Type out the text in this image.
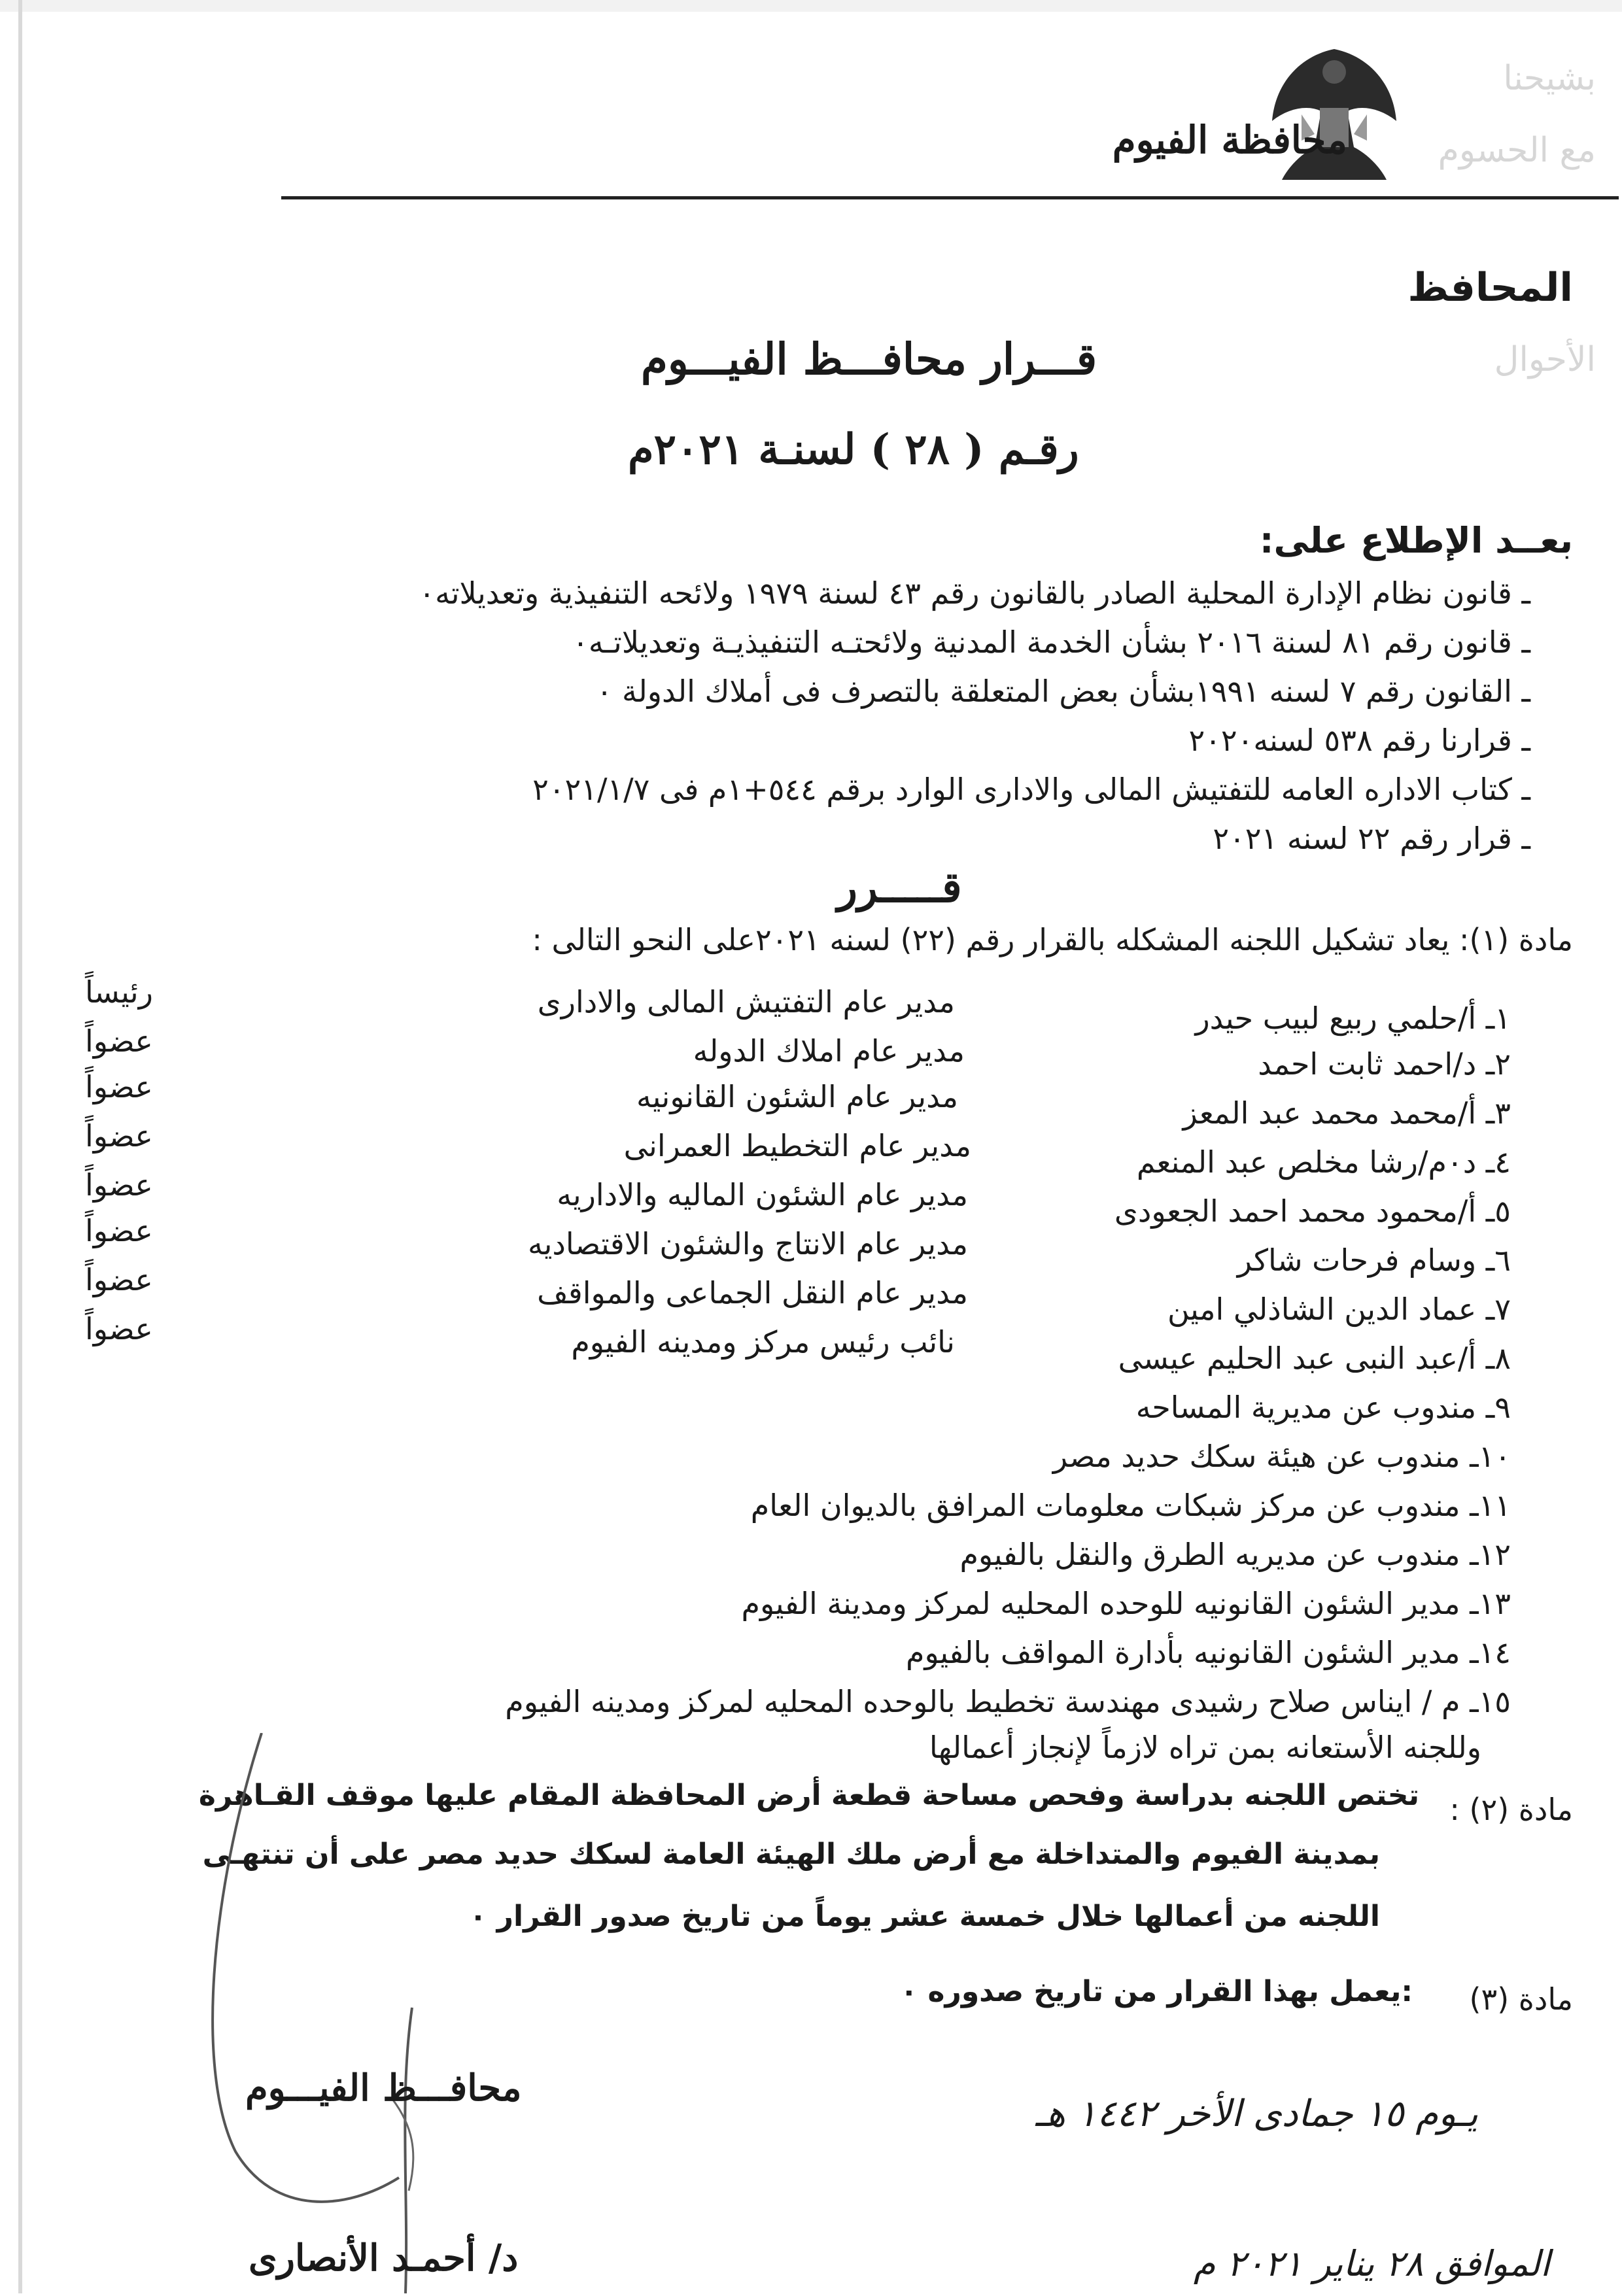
بشيحنا
مع الحسوم
الأحوال
محافظة الفيوم
المحافظ
قـــرار محافـــظ الفيـــوم
رقـم ( ٢٨ ) لسنـة ٢٠٢١م
بعــد الإطلاع على:
ـ قانون نظام الإدارة المحلية الصادر بالقانون رقم ٤٣ لسنة ١٩٧٩ ولائحه التنفيذية وتعديلاته٠
ـ قانون رقم ٨١ لسنة ٢٠١٦ بشأن الخدمة المدنية ولائحتـه التنفيذيـة وتعديلاتـه٠
ـ القانون رقم ٧ لسنه ١٩٩١بشأن بعض المتعلقة بالتصرف فى أملاك الدولة ٠
ـ قرارنا رقم ٥٣٨ لسنه٢٠٢٠
ـ كتاب الاداره العامه للتفتيش المالى والادارى الوارد برقم ٥٤٤+١م فى ٢٠٢١/١/٧
ـ قرار رقم ٢٢ لسنه ٢٠٢١
قـــــرر
مادة (١): يعاد تشكيل اللجنه المشكله بالقرار رقم (٢٢) لسنه ٢٠٢١على النحو التالى :
١ـ أ/حلمي ربيع لبيب حيدر
مدير عام التفتيش المالى والادارى
رئيساً
٢ـ د/احمد ثابت احمد
مدير عام املاك الدوله
عضواً
٣ـ أ/محمد محمد عبد المعز
مدير عام الشئون القانونيه
عضواً
٤ـ د٠م/رشا مخلص عبد المنعم
مدير عام التخطيط العمرانى
عضواً
٥ـ أ/محمود محمد احمد الجعودى
مدير عام الشئون الماليه والاداريه
عضواً
٦ـ وسام فرحات شاكر
مدير عام الانتاج والشئون الاقتصاديه
عضواً
٧ـ عماد الدين الشاذلي امين
مدير عام النقل الجماعى والمواقف
عضواً
٨ـ أ/عبد النبى عبد الحليم عيسى
نائب رئيس مركز ومدينه الفيوم
عضواً
٩ـ مندوب عن مديرية المساحه
١٠ـ مندوب عن هيئة سكك حديد مصر
١١ـ مندوب عن مركز شبكات معلومات المرافق بالديوان العام
١٢ـ مندوب عن مديريه الطرق والنقل بالفيوم
١٣ـ مدير الشئون القانونيه للوحده المحليه لمركز ومدينة الفيوم
١٤ـ مدير الشئون القانونيه بأدارة المواقف بالفيوم
١٥ـ م / ايناس صلاح رشيدى مهندسة تخطيط بالوحده المحليه لمركز ومدينه الفيوم
وللجنه الأستعانه بمن تراه لازماً لإنجاز أعمالها
مادة (٢) :
تختص اللجنه بدراسة وفحص مساحة قطعة أرض المحافظة المقام عليها موقف القـاهرة
بمدينة الفيوم والمتداخلة مع أرض ملك الهيئة العامة لسكك حديد مصر على أن تنتهـى
اللجنه من أعمالها خلال خمسة عشر يوماً من تاريخ صدور القرار ٠
مادة (٣)
:يعمل بهذا القرار من تاريخ صدوره ٠
يـوم ١٥ جمادى الأخر ١٤٤٢ هـ
محافـــظ الفيـــوم
الموافق ٢٨ يناير ٢٠٢١ م
د/ أحمـد الأنصارى
